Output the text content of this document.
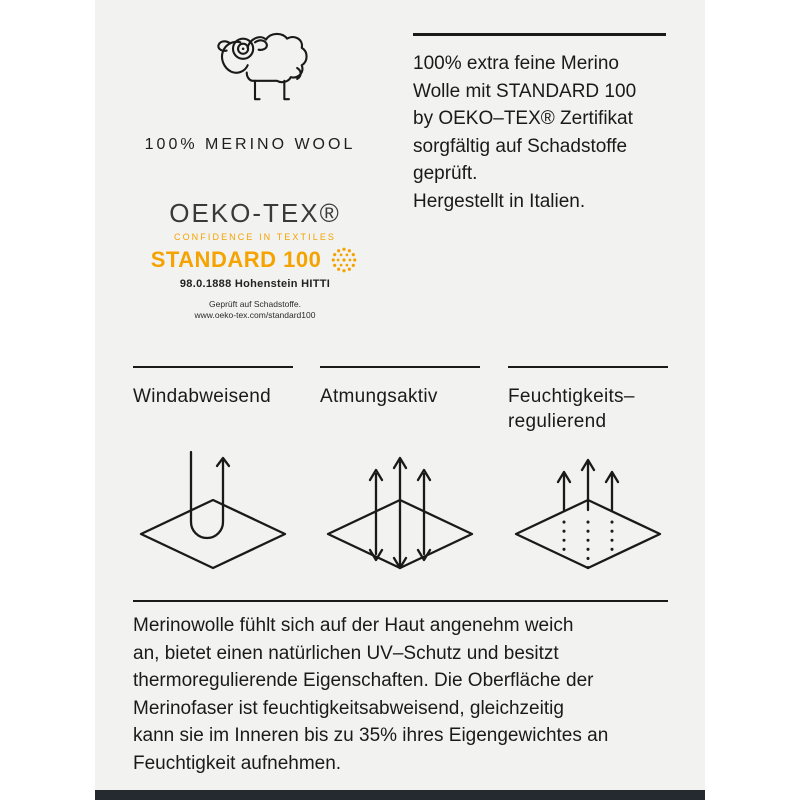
100% MERINO WOOL
100% extra feine Merino
Wolle mit STANDARD 100
by OEKO–TEX® Zertifikat
sorgfältig auf Schadstoffe
geprüft.
Hergestellt in Italien.
OEKO-TEX®
CONFIDENCE IN TEXTILES
STANDARD 100
98.0.1888 Hohenstein HITTI
Geprüft auf Schadstoffe.
www.oeko-tex.com/standard100
Windabweisend	Atmungsaktiv	Feuchtigkeits–
regulierend
Merinowolle fühlt sich auf der Haut angenehm weich
an, bietet einen natürlichen UV–Schutz und besitzt
thermoregulierende Eigenschaften. Die Oberfläche der
Merinofaser ist feuchtigkeitsabweisend, gleichzeitig
kann sie im Inneren bis zu 35% ihres Eigengewichtes an
Feuchtigkeit aufnehmen.
